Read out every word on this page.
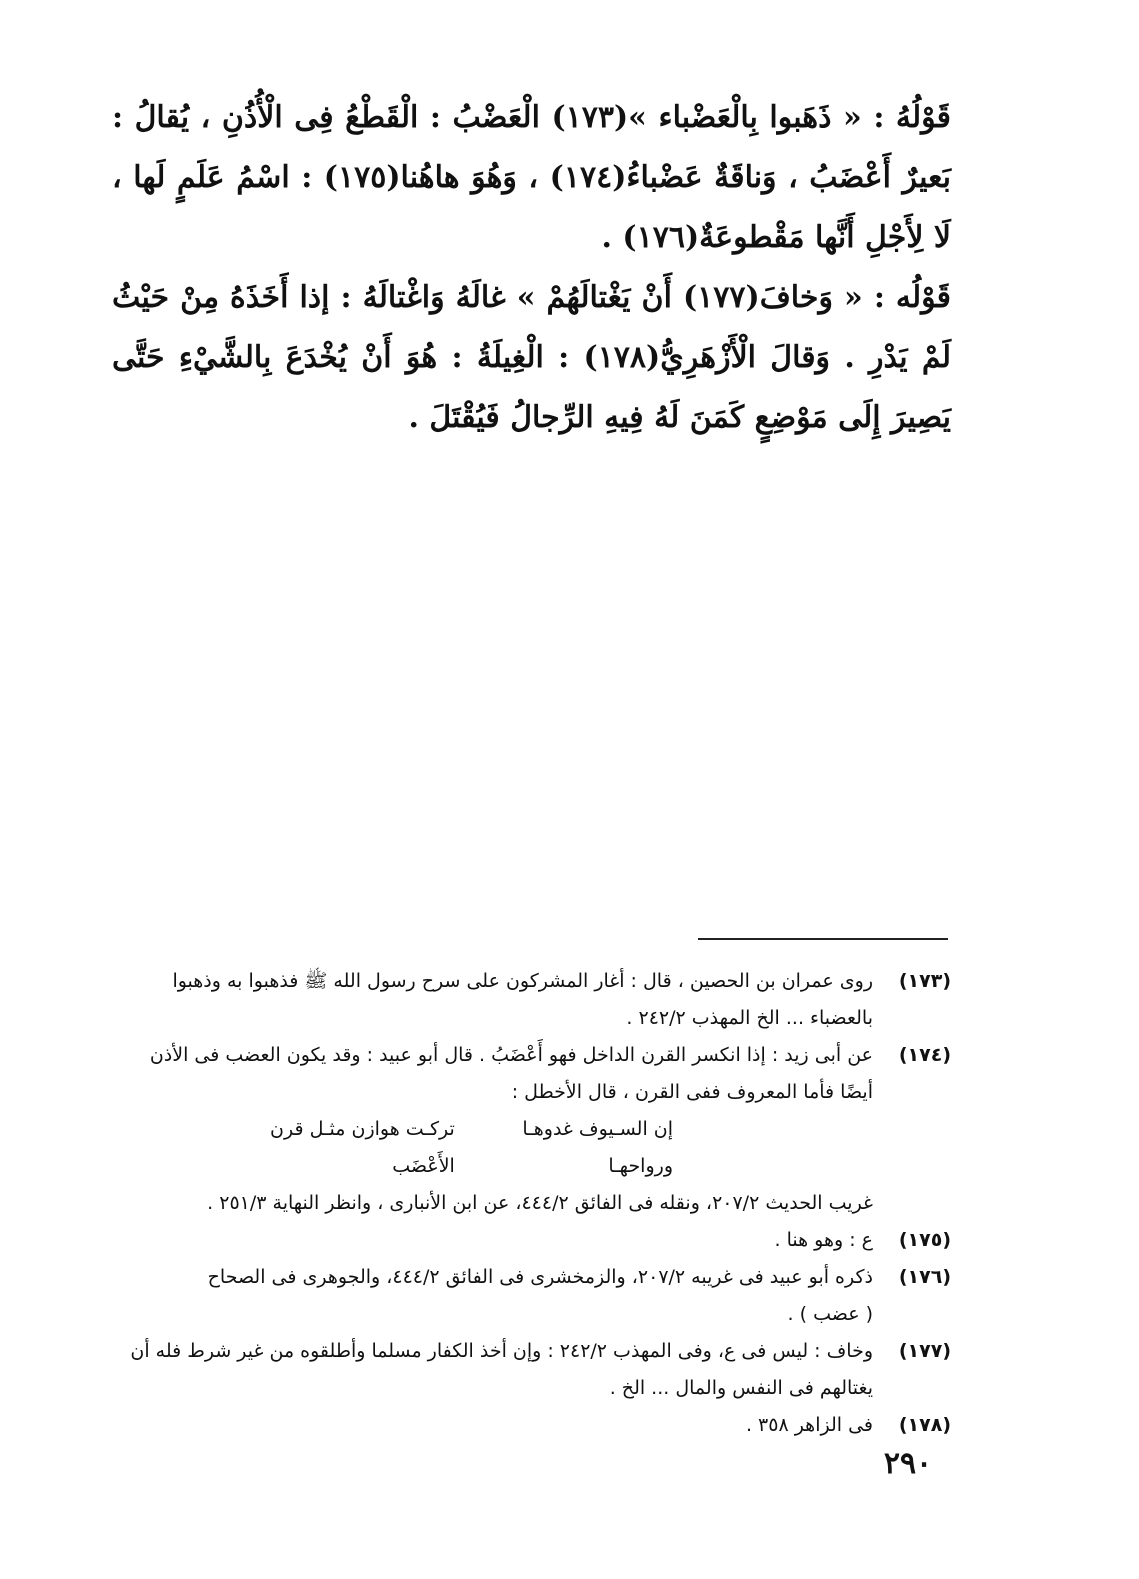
قَوْلُهُ : « ذَهَبوا بِالْعَضْباء »(١٧٣) الْعَضْبُ : الْقَطْعُ فِى الْأُذُنِ ، يُقالُ : بَعيرٌ أَعْضَبُ ، وَناقَةٌ عَضْباءُ(١٧٤) ، وَهُوَ هاهُنا(١٧٥) : اسْمُ عَلَمٍ لَها ، لَا لِأَجْلِ أَنَّها مَقْطوعَةٌ(١٧٦) .

قَوْلُه : « وَخافَ(١٧٧) أَنْ يَغْتالَهُمْ » غالَهُ وَاغْتالَهُ : إذا أَخَذَهُ مِنْ حَيْثُ لَمْ يَدْرِ . وَقالَ الْأَزْهَرِيُّ(١٧٨) : الْغِيلَةُ : هُوَ أَنْ يُخْدَعَ بِالشَّيْءِ حَتَّى يَصِيرَ إِلَى مَوْضِعٍ كَمَنَ لَهُ فِيهِ الرِّجالُ فَيُقْتَلَ .

(١٧٣)
روى عمران بن الحصين ، قال : أغار المشركون على سرح رسول الله ﷺ فذهبوا به وذهبوا
بالعضباء ... الخ المهذب ٢٤٢/٢ .
(١٧٤)
عن أبى زيد : إذا انكسر القرن الداخل فهو أَعْضَبُ . قال أبو عبيد : وقد يكون العضب فى الأذن
أيضًا فأما المعروف ففى القرن ، قال الأخطل :
إن السـيوف غدوهـا ورواحهـا
تركـت هوازن مثـل قرن الأَعْضَب
غريب الحديث ٢٠٧/٢، ونقله فى الفائق ٤٤٤/٢، عن ابن الأنبارى ، وانظر النهاية ٢٥١/٣ .
(١٧٥)
ع : وهو هنا .
(١٧٦)
ذكره أبو عبيد فى غريبه ٢٠٧/٢، والزمخشرى فى الفائق ٤٤٤/٢، والجوهرى فى الصحاح
( عضب ) .
(١٧٧)
وخاف : ليس فى ع، وفى المهذب ٢٤٢/٢ : وإن أخذ الكفار مسلما وأطلقوه من غير شرط فله أن
يغتالهم فى النفس والمال ... الخ .
(١٧٨)
فى الزاهر ٣٥٨ .
٢٩٠
